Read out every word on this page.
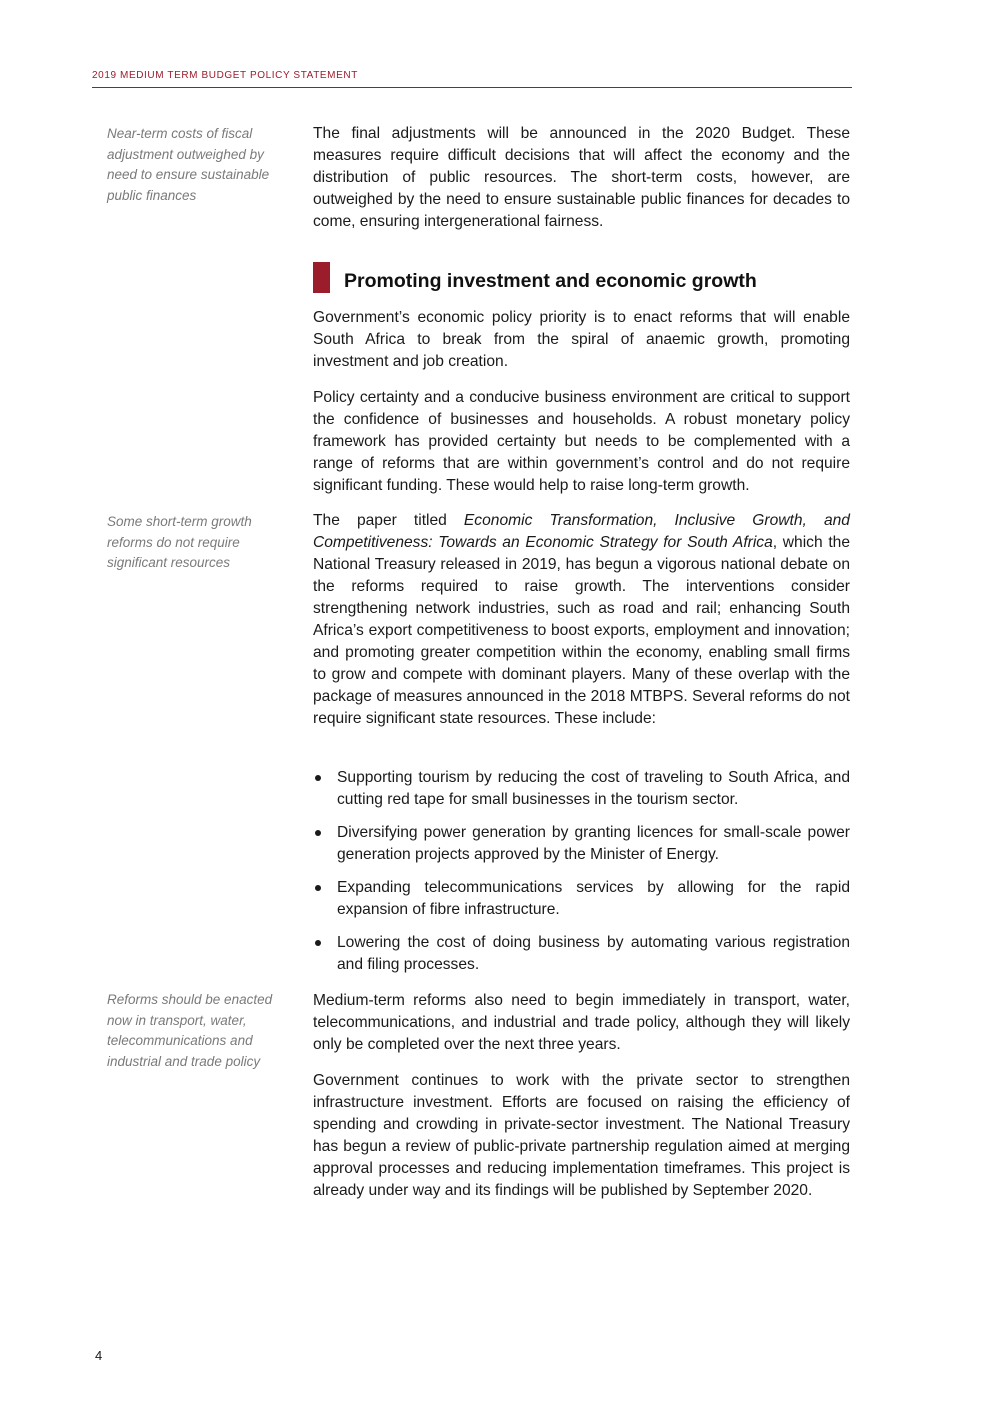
2019 MEDIUM TERM BUDGET POLICY STATEMENT
Near-term costs of fiscal adjustment outweighed by need to ensure sustainable public finances
Some short-term growth reforms do not require significant resources
Reforms should be enacted now in transport, water, telecommunications and industrial and trade policy

The final adjustments will be announced in the 2020 Budget. These measures require difficult decisions that will affect the economy and the distribution of public resources. The short-term costs, however, are outweighed by the need to ensure sustainable public finances for decades to come, ensuring intergenerational fairness.

Promoting investment and economic growth

Government’s economic policy priority is to enact reforms that will enable South Africa to break from the spiral of anaemic growth, promoting investment and job creation.

Policy certainty and a conducive business environment are critical to support the confidence of businesses and households. A robust monetary policy framework has provided certainty but needs to be complemented with a range of reforms that are within government’s control and do not require significant funding. These would help to raise long-term growth.

The paper titled Economic Transformation, Inclusive Growth, and Competitiveness: Towards an Economic Strategy for South Africa, which the National Treasury released in 2019, has begun a vigorous national debate on the reforms required to raise growth. The interventions consider strengthening network industries, such as road and rail; enhancing South Africa’s export competitiveness to boost exports, employment and innovation; and promoting greater competition within the economy, enabling small firms to grow and compete with dominant players. Many of these overlap with the package of measures announced in the 2018 MTBPS. Several reforms do not require significant state resources. These include:

Supporting tourism by reducing the cost of traveling to South Africa, and cutting red tape for small businesses in the tourism sector.

Diversifying power generation by granting licences for small-scale power generation projects approved by the Minister of Energy.

Expanding telecommunications services by allowing for the rapid expansion of fibre infrastructure.

Lowering the cost of doing business by automating various registration and filing processes.

Medium-term reforms also need to begin immediately in transport, water, telecommunications, and industrial and trade policy, although they will likely only be completed over the next three years.

Government continues to work with the private sector to strengthen infrastructure investment. Efforts are focused on raising the efficiency of spending and crowding in private-sector investment. The National Treasury has begun a review of public-private partnership regulation aimed at merging approval processes and reducing implementation timeframes. This project is already under way and its findings will be published by September 2020.

4
